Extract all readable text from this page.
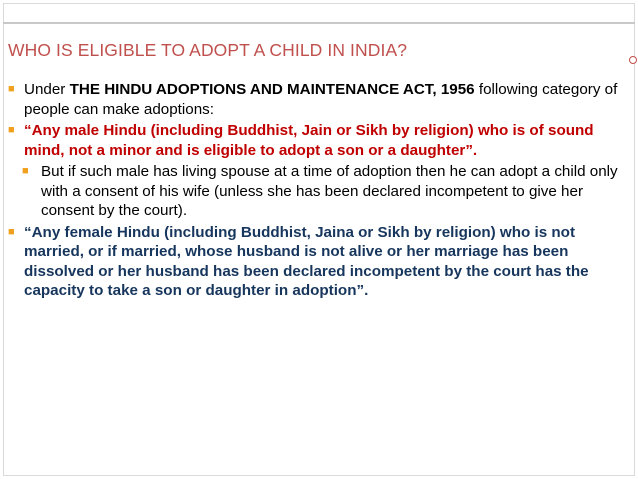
WHO IS ELIGIBLE TO ADOPT A CHILD IN INDIA?
■ Under THE HINDU ADOPTIONS AND MAINTENANCE ACT, 1956 following category of people can make adoptions:
■ “Any male Hindu (including Buddhist, Jain or Sikh by religion) who is of sound mind, not a minor and is eligible to adopt a son or a daughter”.
■ But if such male has living spouse at a time of adoption then he can adopt a child only with a consent of his wife (unless she has been declared incompetent to give her consent by the court).
■ “Any female Hindu (including Buddhist, Jaina or Sikh by religion) who is not married, or if married, whose husband is not alive or her marriage has been dissolved or her husband has been declared incompetent by the court has the capacity to take a son or daughter in adoption”.
